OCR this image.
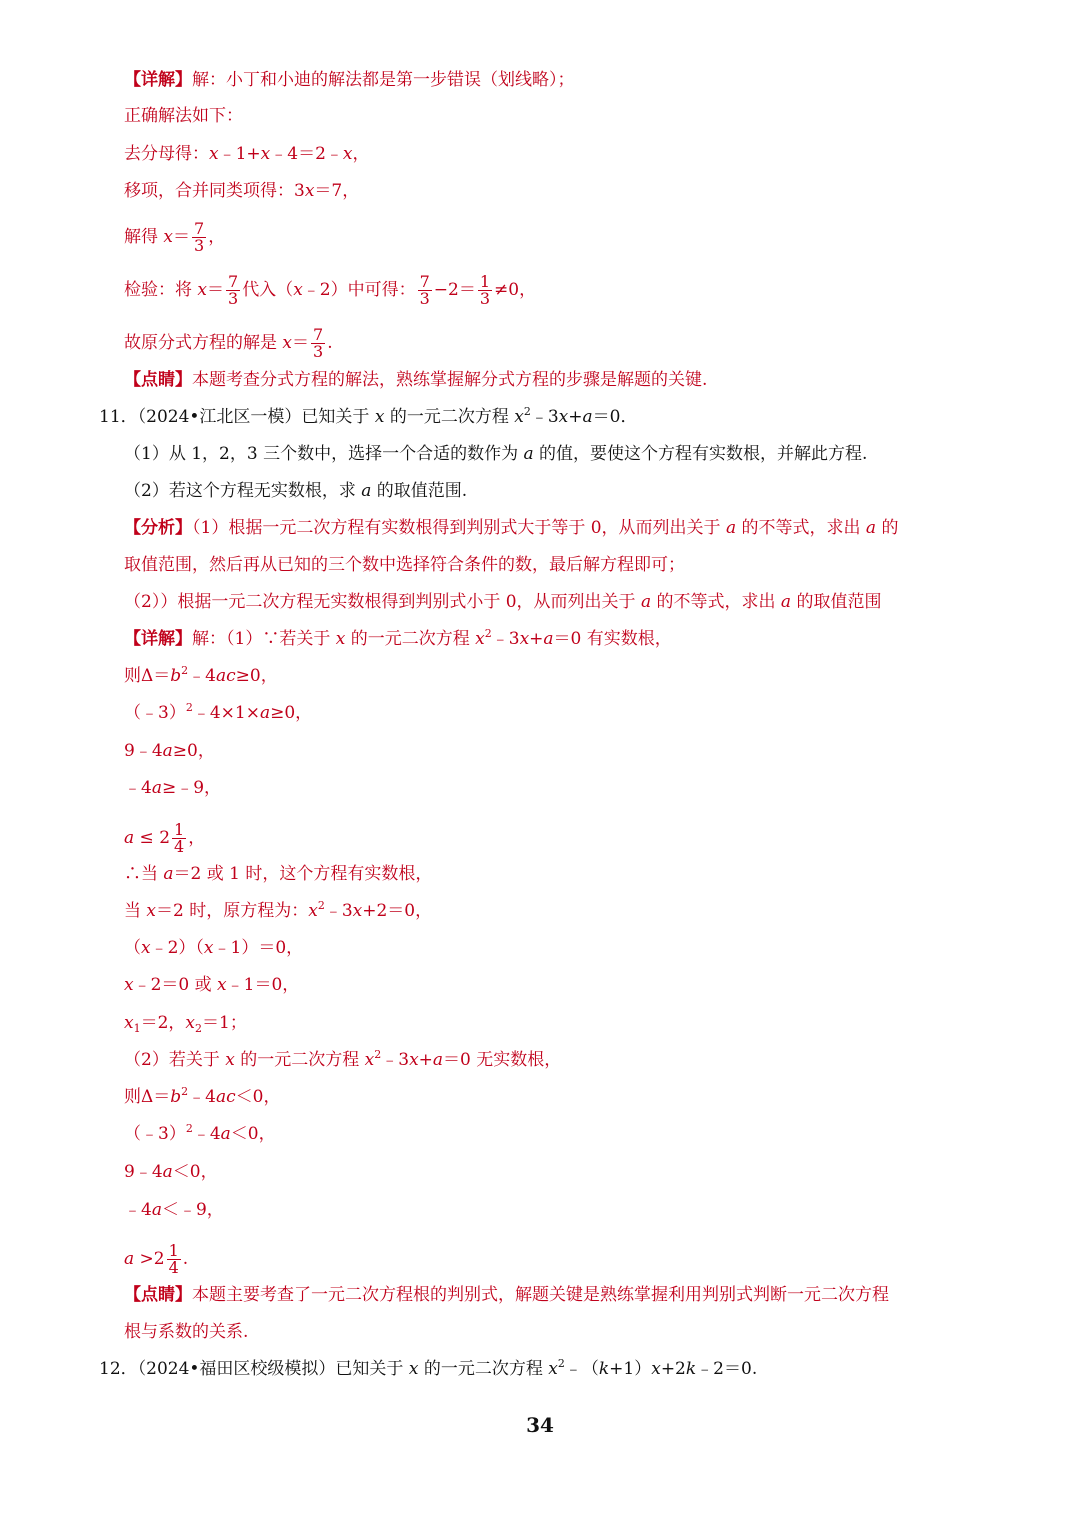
【详解】解：小丁和小迪的解法都是第一步错误（划线略）；
正确解法如下：
去分母得：x﹣1+x﹣4＝2﹣x，
移项，合并同类项得：3x＝7，
解得 $x= \frac{7}{3}$ ，
检验：将 $x= \frac{7}{3}$ 代入（x﹣2）中可得： $\frac{7}{3} -2= \frac{1}{3} \ne 0$，
故原分式方程的解是 $x= \frac{7}{3}$ .
【点睛】本题考查分式方程的解法，熟练掌握解分式方程的步骤是解题的关键.
11．（2024•江北区一模）已知关于 x 的一元二次方程 $x^2﹣3x+a=0$．
（1）从 1，2，3 三个数中，选择一个合适的数作为 a 的值，要使这个方程有实数根，并解此方程.
（2）若这个方程无实数根，求 a 的取值范围.
【分析】（1）根据一元二次方程有实数根得到判别式大于等于 0，从而列出关于 a 的不等式，求出 a 的
取值范围，然后再从已知的三个数中选择符合条件的数，最后解方程即可；
（2））根据一元二次方程无实数根得到判别式小于 0，从而列出关于 a 的不等式，求出 a 的取值范围
【详解】解：（1）∵若关于 x 的一元二次方程 $x^2﹣3x+a=0$ 有实数根，
则$\Delta=b^2﹣4ac\ge 0$，
（﹣3）$^2$﹣4×1×a≥0，
9﹣4a≥0，
﹣4a≥﹣9，
$a \le 2 \frac{1}{4}$ ，
∴当 a＝2 或 1 时，这个方程有实数根，
当 x＝2 时，原方程为：$x^2﹣3x+2=0$，
（x﹣2）（x﹣1）＝0，
x﹣2＝0 或 x﹣1＝0，
$x_1=2$，$x_2=1$；
（2）若关于 x 的一元二次方程 $x^2﹣3x+a=0$ 无实数根，
则$\Delta=b^2﹣4ac<0$，
（﹣3）$^2$﹣4a＜0，
9﹣4a＜0，
﹣4a＜﹣9，
$a >2 \frac{1}{4}$ .
【点睛】本题主要考查了一元二次方程根的判别式，解题关键是熟练掌握利用判别式判断一元二次方程
根与系数的关系.
12．（2024•福田区校级模拟）已知关于 x 的一元二次方程 $x^2﹣(k+1)x+2k﹣2=0$.
34
